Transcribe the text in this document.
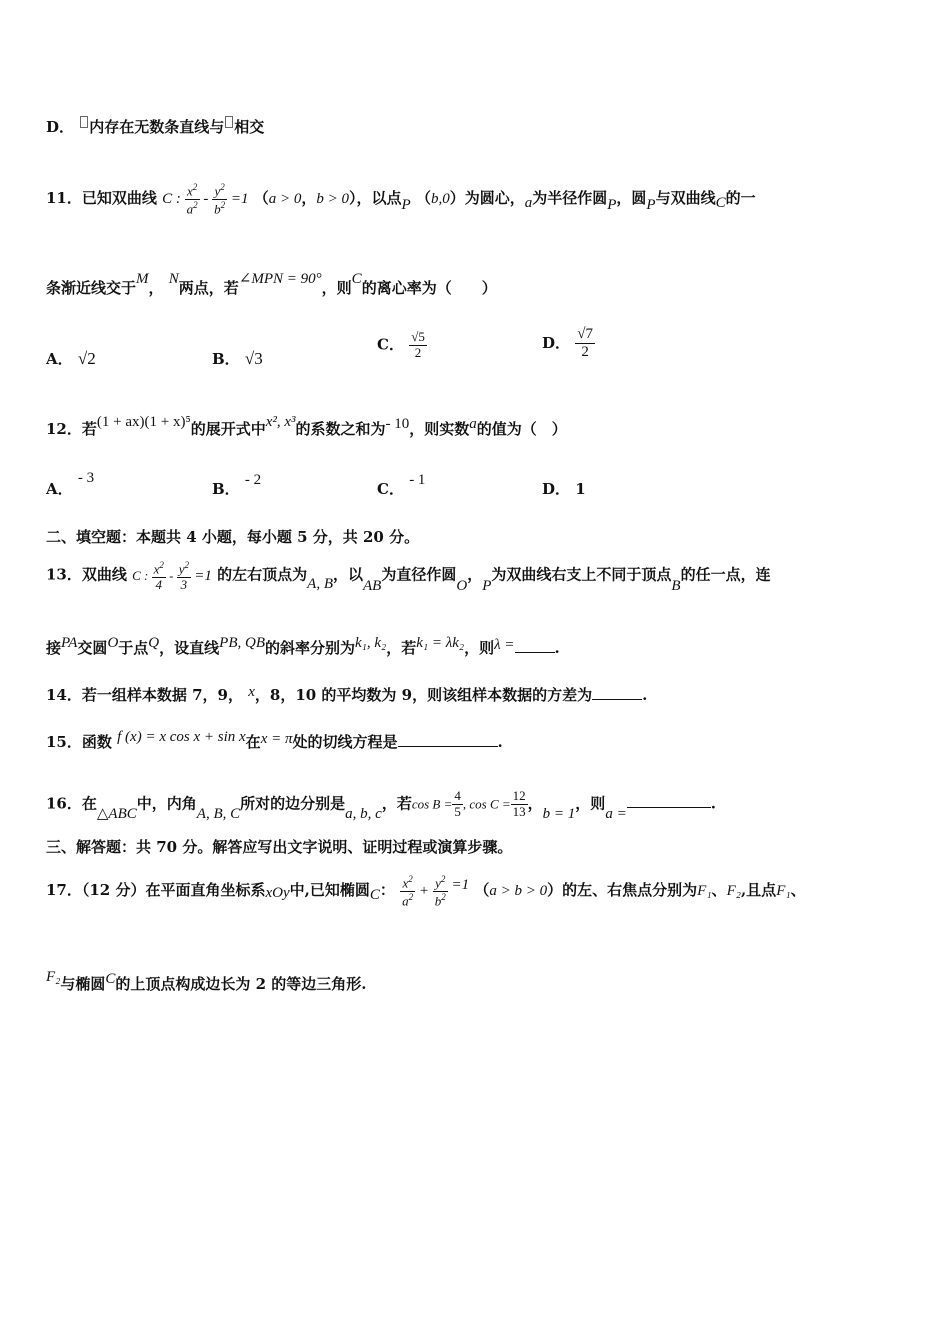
D． 内存在无数条直线与 相交
11．已知双曲线 C : $\frac{x^2}{a^2} - \frac{y^2}{b^2} =1$ （a > 0，b > 0），以点P （b,0）为圆心，a为半径作圆P，圆P与双曲线C的一
条渐近线交于M， N两点，若∠MPN = 90°，则C的离心率为（　　）
A． √2	B． √3
C． $\frac{√5}{2}$	D． $\frac{√7}{2}$
12．若(1 + ax)(1 + x)⁵的展开式中x², x³的系数之和为- 10，则实数a的值为（　）
A． - 3
B． - 2	C． - 1	D． 1
二、填空题：本题共 4 小题，每小题 5 分，共 20 分。
13．双曲线 C : $\frac{x^2}{4} - \frac{y^2}{3} =1$ 的左右顶点为A, B，以AB为直径作圆O，P为双曲线右支上不同于顶点B的任一点，连
接PA交圆O于点Q，设直线PB, QB的斜率分别为k₁, k₂，若k₁ = λk₂，则λ =	.
14．若一组样本数据 7，9， x，8，10 的平均数为 9，则该组样本数据的方差为	.
15．函数 f (x) = x cos x + sin x在x = π处的切线方程是	.
16．在△ABC中，内角A, B, C所对的边分别是a, b, c，若$\cos B = \frac{4}{5}$ , $\cos C = \frac{12}{13}$ ，b = 1，则a =.
三、解答题：共 70 分。解答应写出文字说明、证明过程或演算步骤。
17．（12 分）在平面直角坐标系xOy中,已知椭圆C： $\frac{x^2}{a^2} + \frac{y^2}{b^2} =1$ （a > b > 0）的左、右焦点分别为F₁、F₂,且点F₁、
F₂与椭圆C的上顶点构成边长为 2 的等边三角形.
